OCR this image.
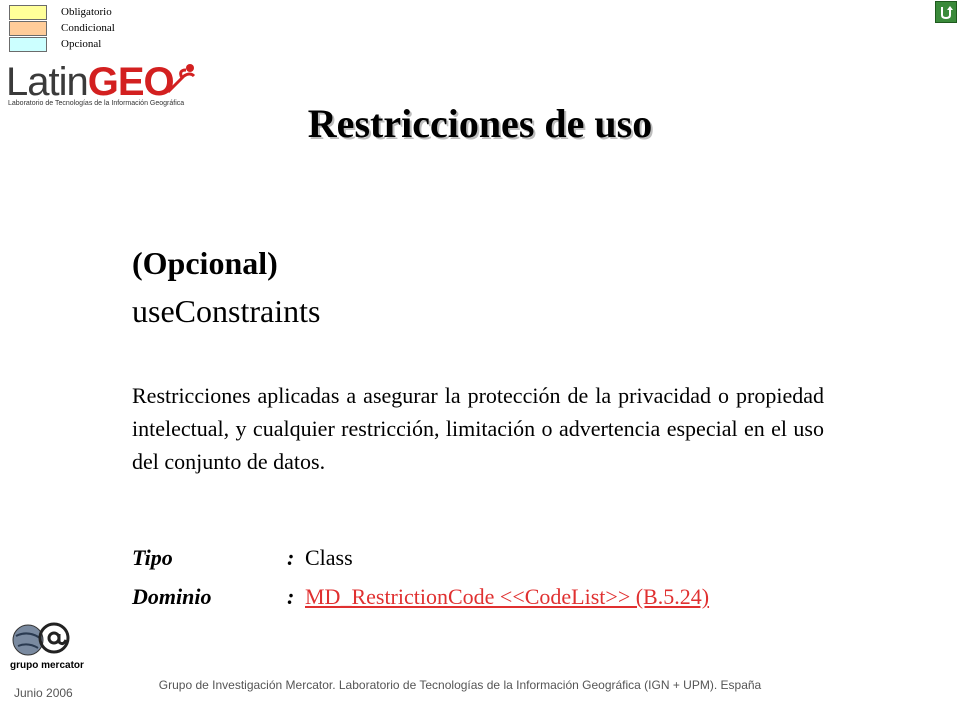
Obligatorio
Condicional
Opcional
LatinGEO
Laboratorio de Tecnologías de la Información Geográfica	Restricciones de uso
(Opcional)
useConstraints
Restricciones aplicadas a asegurar la protección de la privacidad o propiedad intelectual, y cualquier restricción, limitación o advertencia especial en el uso del conjunto de datos.
Tipo	: Class
Dominio	: MD_RestrictionCode <<CodeList>> (B.5.24)
grupo mercator
Junio 2006
Grupo de Investigación Mercator. Laboratorio de Tecnologías de la Información Geográfica (IGN + UPM). España
